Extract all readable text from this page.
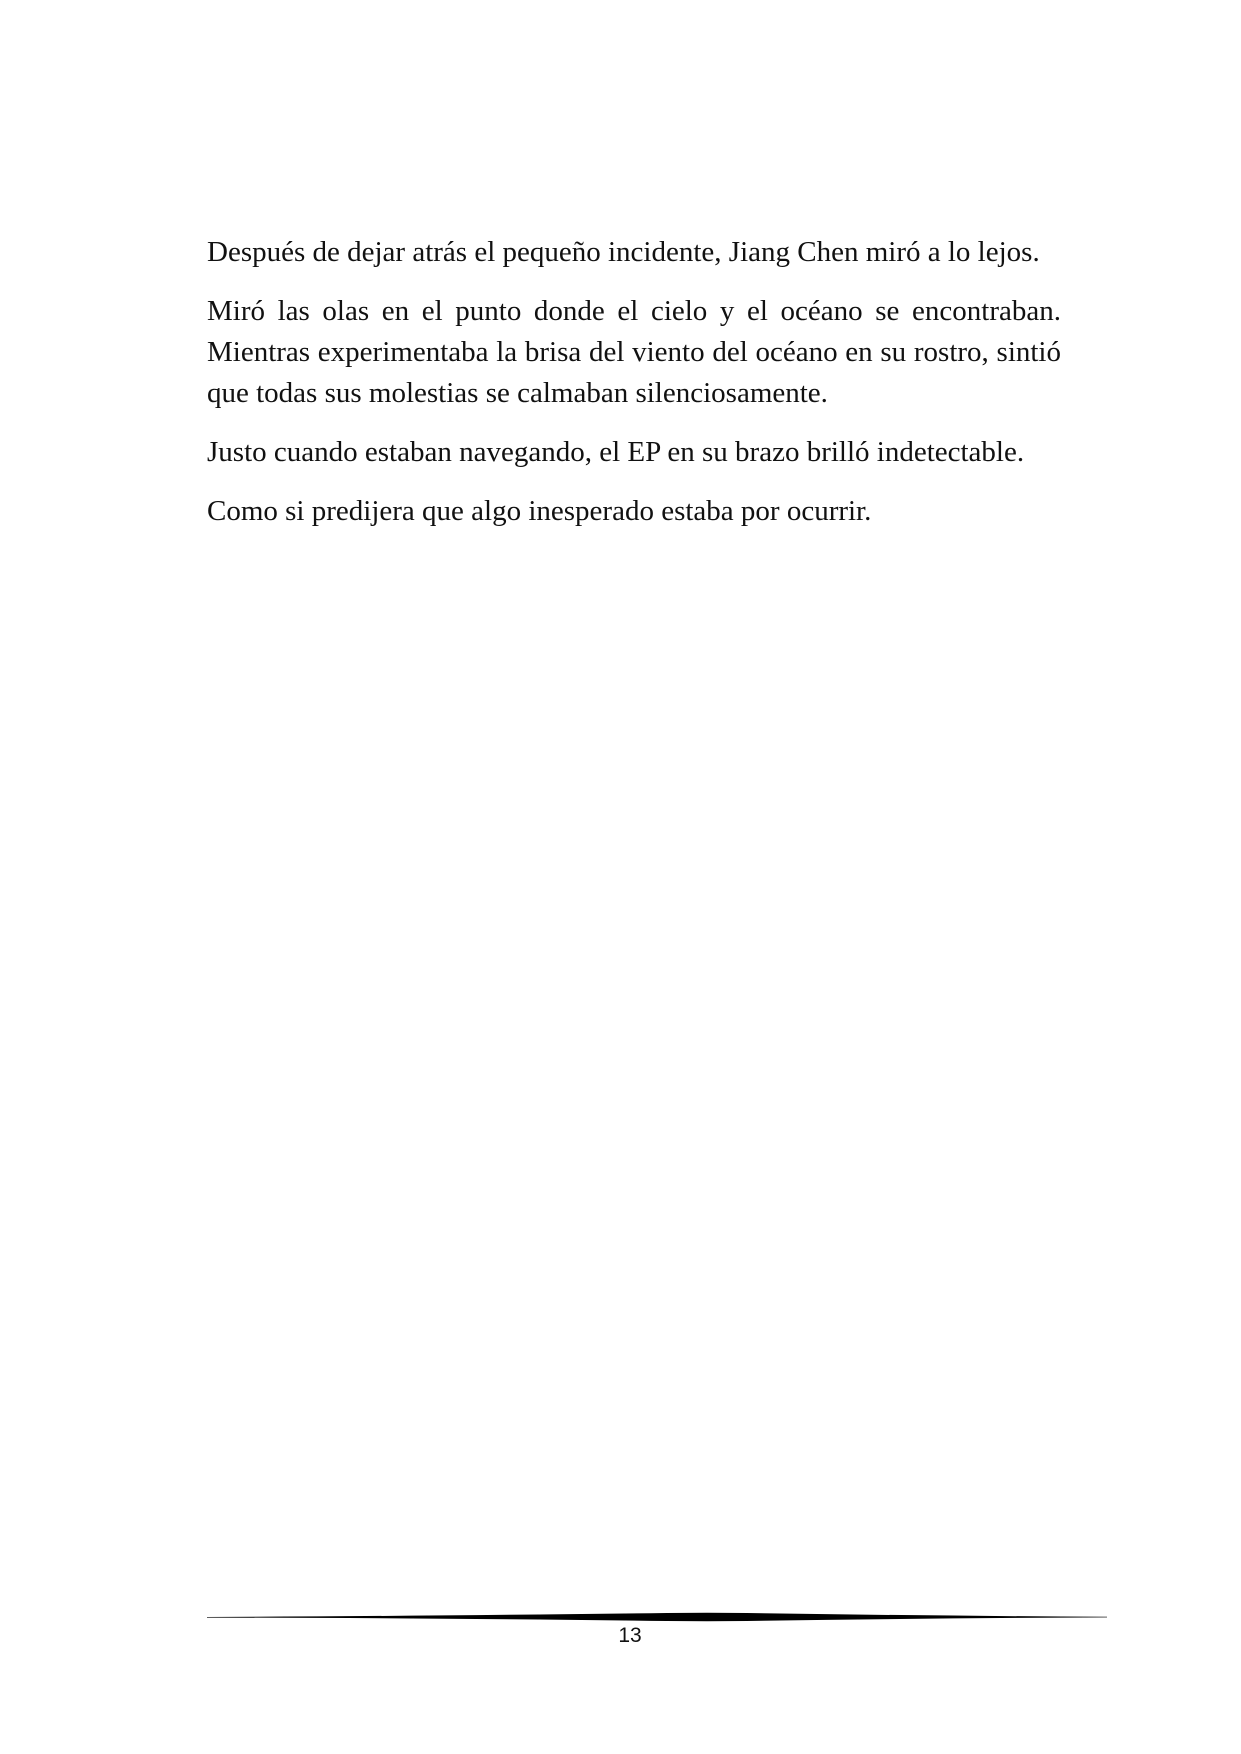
Después de dejar atrás el pequeño incidente, Jiang Chen miró a lo lejos.

Miró las olas en el punto donde el cielo y el océano se encontraban. Mientras experimentaba la brisa del viento del océano en su rostro, sintió que todas sus molestias se calmaban silenciosamente.

Justo cuando estaban navegando, el EP en su brazo brilló indetectable.

Como si predijera que algo inesperado estaba por ocurrir.

13
